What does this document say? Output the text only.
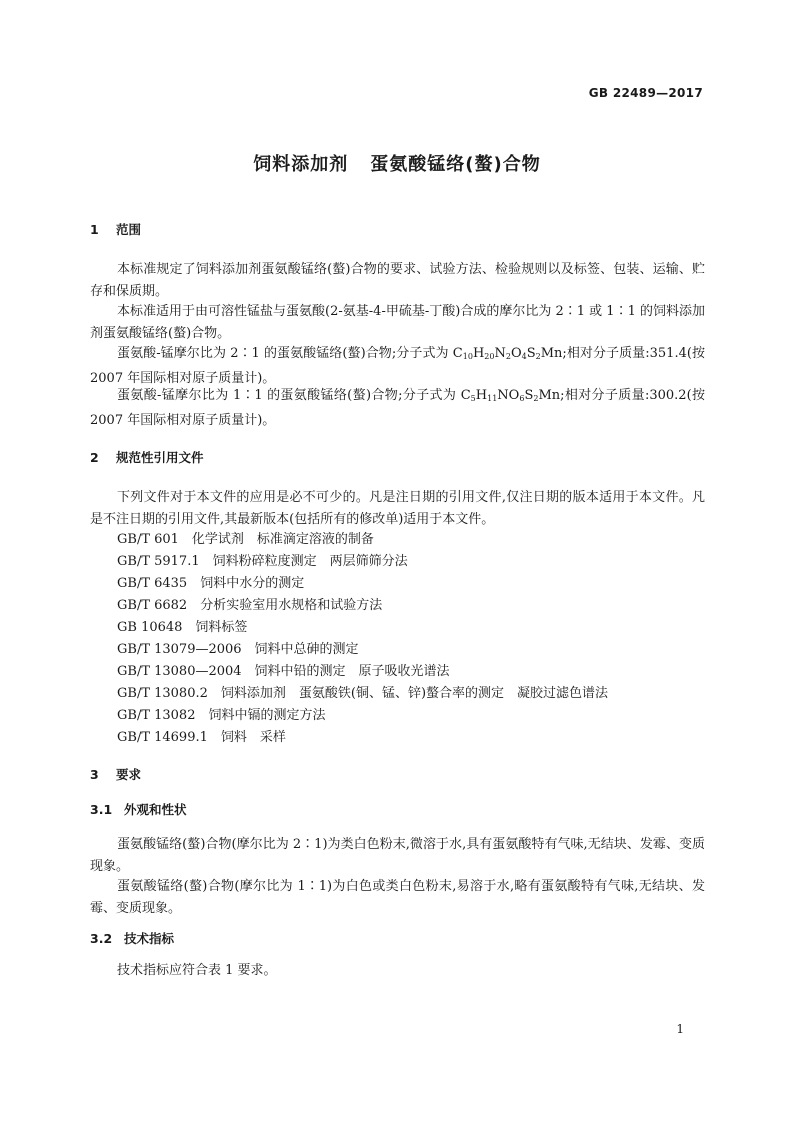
GB 22489—2017
饲料添加剂 蛋氨酸锰络(螯)合物
1 范围
本标准规定了饲料添加剂蛋氨酸锰络(螯)合物的要求、试验方法、检验规则以及标签、包装、运输、贮存和保质期。
本标准适用于由可溶性锰盐与蛋氨酸(2-氨基-4-甲硫基-丁酸)合成的摩尔比为 2∶1 或 1∶1 的饲料添加剂蛋氨酸锰络(螯)合物。
蛋氨酸-锰摩尔比为 2∶1 的蛋氨酸锰络(螯)合物;分子式为 $C_{10}H_{20}N_2O_4S_2Mn$;相对分子质量:351.4(按 2007 年国际相对原子质量计)。
蛋氨酸-锰摩尔比为 1∶1 的蛋氨酸锰络(螯)合物;分子式为 $C_5H_{11}NO_6S_2Mn$;相对分子质量:300.2(按 2007 年国际相对原子质量计)。
2 规范性引用文件
下列文件对于本文件的应用是必不可少的。凡是注日期的引用文件,仅注日期的版本适用于本文件。凡是不注日期的引用文件,其最新版本(包括所有的修改单)适用于本文件。
GB/T 601　化学试剂　标准滴定溶液的制备
GB/T 5917.1　饲料粉碎粒度测定　两层筛筛分法
GB/T 6435　饲料中水分的测定
GB/T 6682　分析实验室用水规格和试验方法
GB 10648　饲料标签
GB/T 13079—2006　饲料中总砷的测定
GB/T 13080—2004　饲料中铅的测定　原子吸收光谱法
GB/T 13080.2　饲料添加剂　蛋氨酸铁(铜、锰、锌)螯合率的测定　凝胶过滤色谱法
GB/T 13082　饲料中镉的测定方法
GB/T 14699.1　饲料　采样
3 要求
3.1 外观和性状
蛋氨酸锰络(螯)合物(摩尔比为 2∶1)为类白色粉末,微溶于水,具有蛋氨酸特有气味,无结块、发霉、变质现象。
蛋氨酸锰络(螯)合物(摩尔比为 1∶1)为白色或类白色粉末,易溶于水,略有蛋氨酸特有气味,无结块、发霉、变质现象。
3.2 技术指标
技术指标应符合表 1 要求。
1
